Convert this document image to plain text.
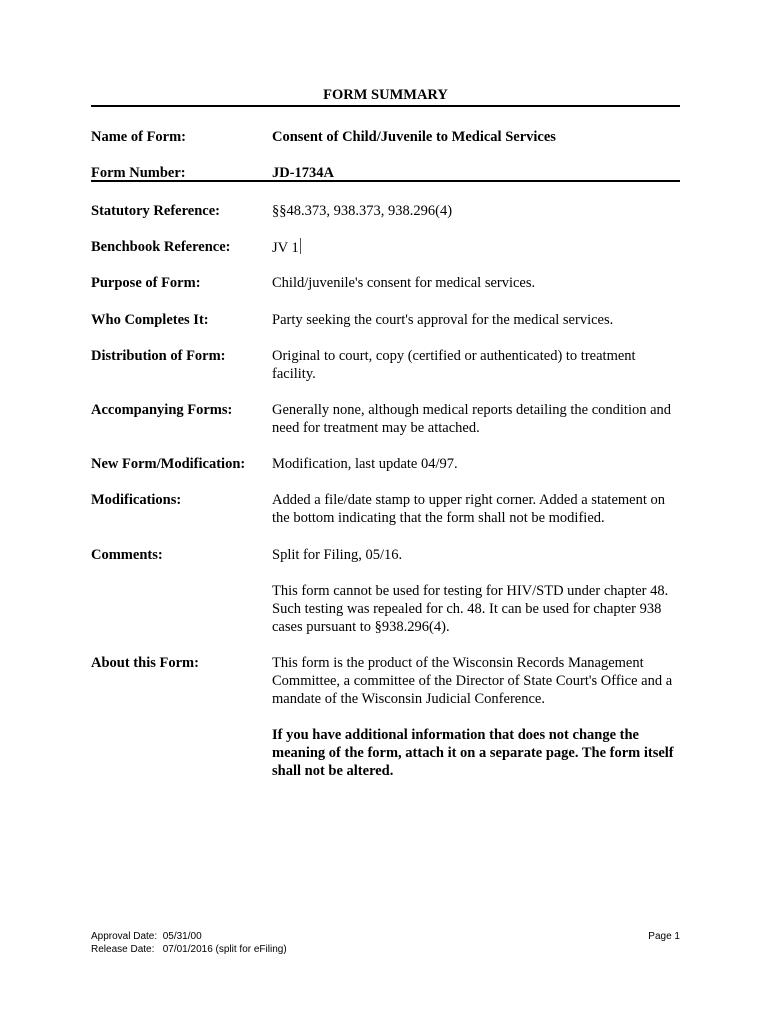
FORM SUMMARY
Name of Form:	Consent of Child/Juvenile to Medical Services
Form Number:	JD-1734A
Statutory Reference:	§§48.373, 938.373, 938.296(4)
Benchbook Reference:	JV 1
Purpose of Form:	Child/juvenile's consent for medical services.
Who Completes It:	Party seeking the court's approval for the medical services.
Distribution of Form:	Original to court, copy (certified or authenticated) to treatment facility.
Accompanying Forms:	Generally none, although medical reports detailing the condition and need for treatment may be attached.
New Form/Modification: Modification, last update 04/97.
Modifications:	Added a file/date stamp to upper right corner. Added a statement on the bottom indicating that the form shall not be modified.
Comments:	Split for Filing, 05/16.

This form cannot be used for testing for HIV/STD under chapter 48. Such testing was repealed for ch. 48. It can be used for chapter 938 cases pursuant to §938.296(4).

About this Form:	This form is the product of the Wisconsin Records Management Committee, a committee of the Director of State Court's Office and a mandate of the Wisconsin Judicial Conference.

If you have additional information that does not change the meaning of the form, attach it on a separate page. The form itself shall not be altered.

Approval Date:  05/31/00
Release Date:   07/01/2016 (split for eFiling)
Page 1
